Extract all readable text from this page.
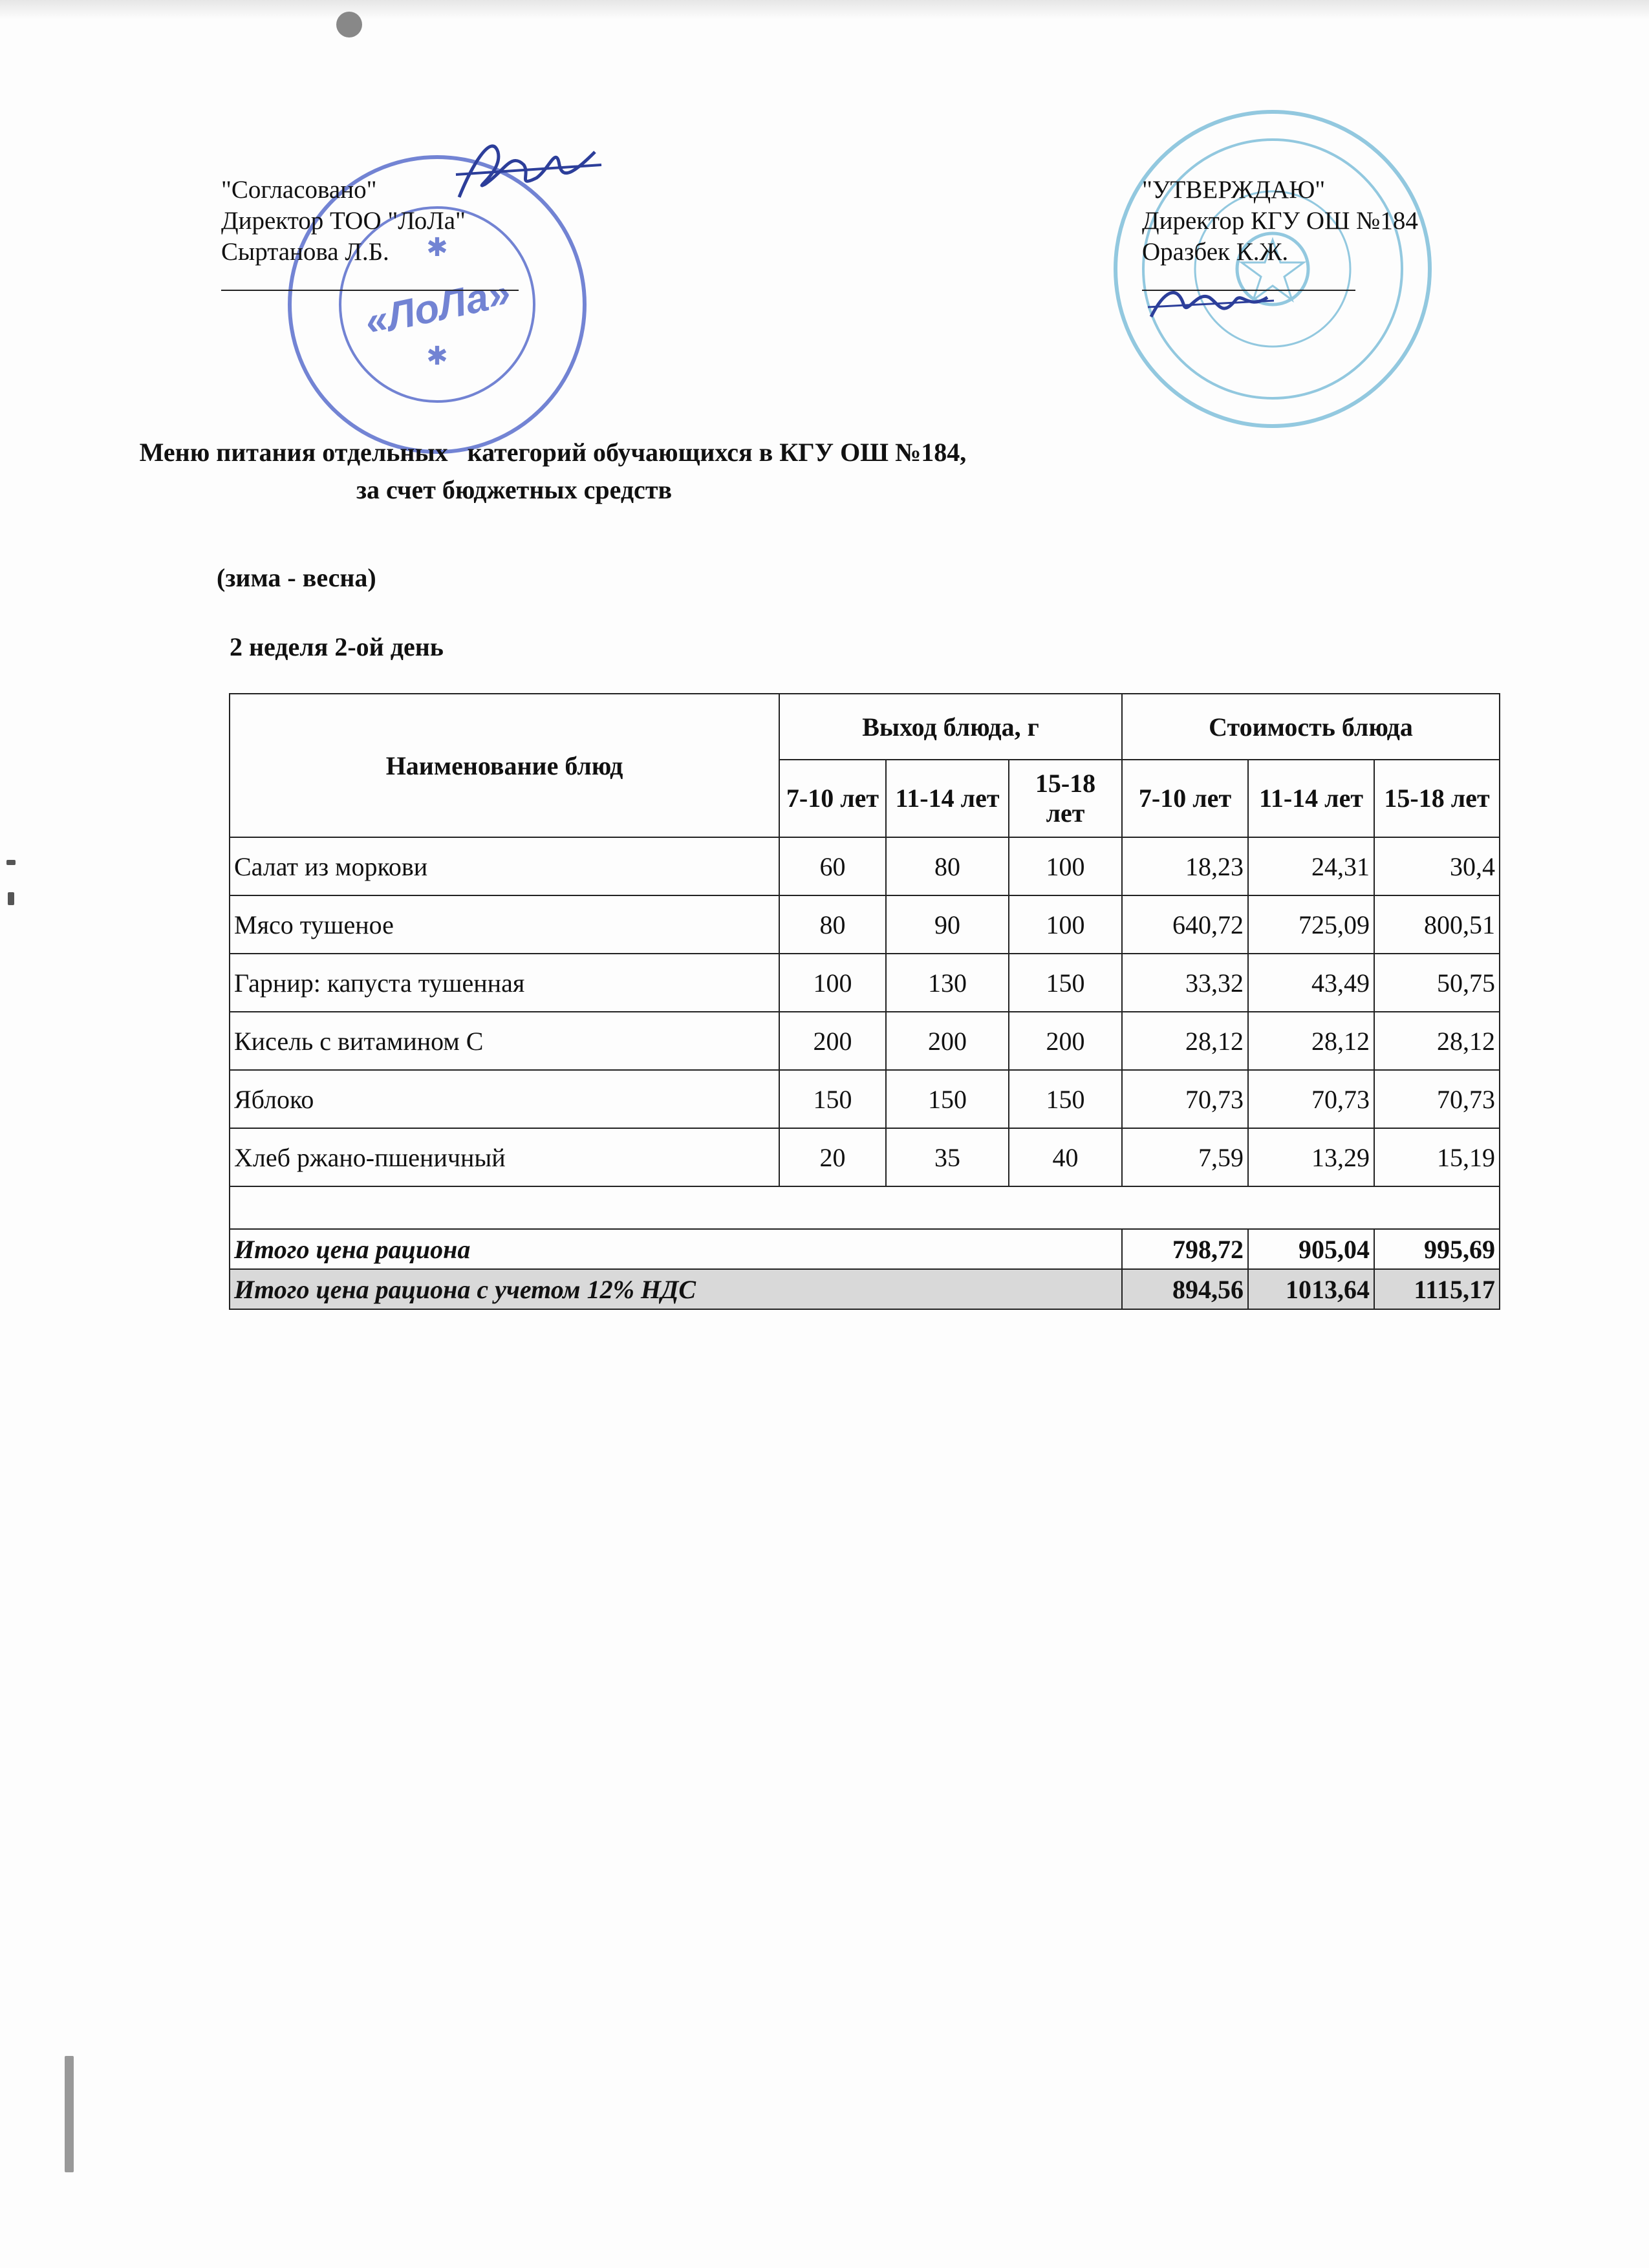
«ЛоЛа»
✱
✱
"Согласовано"
Директор ТОО "ЛоЛа"
Сыртанова Л.Б.
"УТВЕРЖДАЮ"
Директор КГУ ОШ №184
Оразбек К.Ж.
Меню питания отдельных   категорий обучающихся в КГУ ОШ №184,
за счет бюджетных средств
(зима - весна)
2 неделя 2-ой день
Наименование блюд	Выход блюда, г			Стоимость блюда		
	7-10 лет	11-14 лет	15-18 лет	7-10 лет	11-14 лет	15-18 лет
Салат из моркови	60	80	100	18,23	24,31	30,4
Мясо тушеное	80	90	100	640,72	725,09	800,51
Гарнир: капуста тушенная	100	130	150	33,32	43,49	50,75
Кисель с витамином С	200	200	200	28,12	28,12	28,12
Яблоко	150	150	150	70,73	70,73	70,73
Хлеб ржано-пшеничный	20	35	40	7,59	13,29	15,19

Итого цена рациона				798,72	905,04	995,69
Итого цена рациона с учетом 12% НДС				894,56	1013,64	1115,17
